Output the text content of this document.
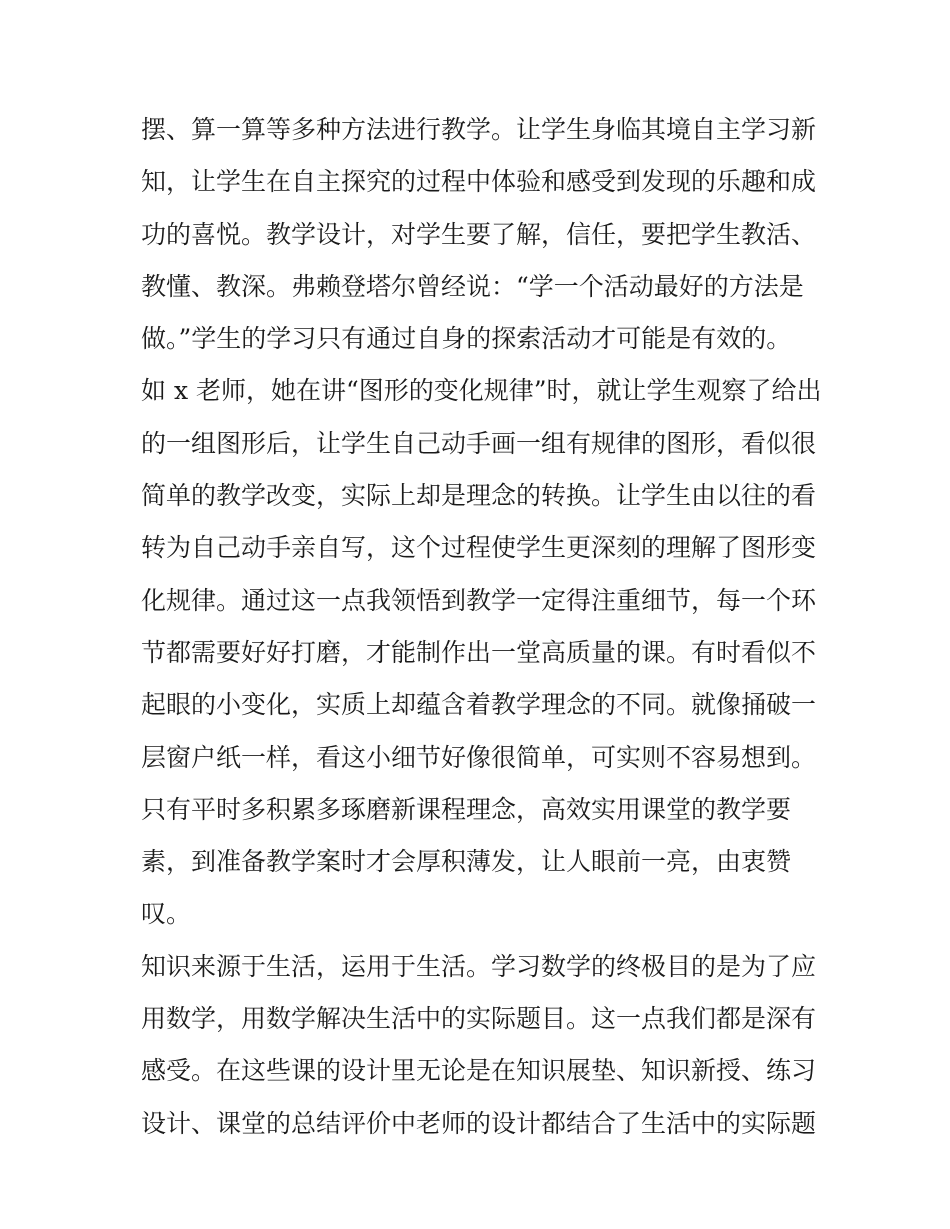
摆、算一算等多种方法进行教学。让学生身临其境自主学习新
知，让学生在自主探究的过程中体验和感受到发现的乐趣和成
功的喜悦。教学设计，对学生要了解，信任，要把学生教活、
教懂、教深。弗赖登塔尔曾经说：“学一个活动最好的方法是
做。”学生的学习只有通过自身的探索活动才可能是有效的。
如 x 老师，她在讲“图形的变化规律”时，就让学生观察了给出
的一组图形后，让学生自己动手画一组有规律的图形，看似很
简单的教学改变，实际上却是理念的转换。让学生由以往的看
转为自己动手亲自写，这个过程使学生更深刻的理解了图形变
化规律。通过这一点我领悟到教学一定得注重细节，每一个环
节都需要好好打磨，才能制作出一堂高质量的课。有时看似不
起眼的小变化，实质上却蕴含着教学理念的不同。就像捅破一
层窗户纸一样，看这小细节好像很简单，可实则不容易想到。
只有平时多积累多琢磨新课程理念，高效实用课堂的教学要
素，到准备教学案时才会厚积薄发，让人眼前一亮，由衷赞
叹。
知识来源于生活，运用于生活。学习数学的终极目的是为了应
用数学，用数学解决生活中的实际题目。这一点我们都是深有
感受。在这些课的设计里无论是在知识展垫、知识新授、练习
设计、课堂的总结评价中老师的设计都结合了生活中的实际题
